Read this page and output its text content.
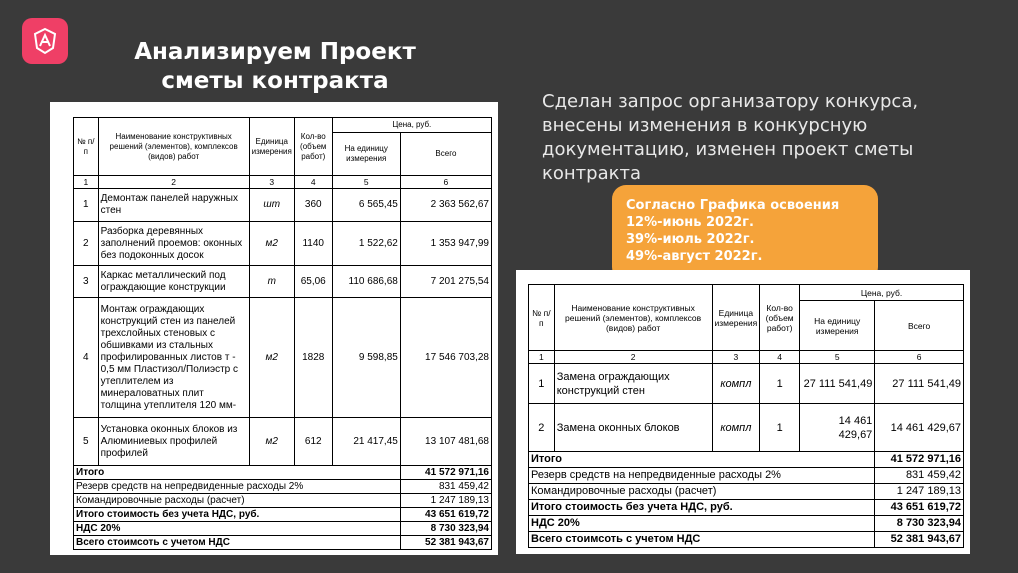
Анализируем Проект
сметы контракта
Сделан запрос организатору конкурса, внесены изменения в конкурсную документацию, изменен проект сметы контракта
Согласно Графика освоения
12%-июнь 2022г.
39%-июль 2022г.
49%-август 2022г.
№ п/п	Наименование конструктивных решений (элементов), комплексов (видов) работ	Единица измерения	Кол-во (объем работ)	Цена, руб.	
				На единицу измерения	Всего
1	2	3	4	5	6
1	Демонтаж панелей наружных стен	шт	360	6 565,45	2 363 562,67
2	Разборка деревянных заполнений проемов: оконных без подоконных досок	м2	1140	1 522,62	1 353 947,99
3	Каркас металлический под ограждающие конструкции	т	65,06	110 686,68	7 201 275,54
4	Монтаж ограждающих конструкций стен из панелей трехслойных стеновых с обшивками из стальных профилированных листов т - 0,5 мм Пластизол/Полиэстр с утеплителем из минераловатных плит толщина утеплителя 120 мм-	м2	1828	9 598,85	17 546 703,28
5	Установка оконных блоков из Алюминиевых профилей профилей	м2	612	21 417,45	13 107 481,68
Итого					41 572 971,16
Резерв средств на непредвиденные расходы 2%					831 459,42
Командировочные расходы (расчет)					1 247 189,13
Итого стоимость без учета НДС, руб.					43 651 619,72
НДС 20%					8 730 323,94
Всего стоимсоть с учетом НДС					52 381 943,67
№ п/п	Наименование конструктивных решений (элементов), комплексов (видов) работ	Единица измерения	Кол-во (объем работ)	Цена, руб.	
				На единицу измерения	Всего
1	2	3	4	5	6
1	Замена ограждающих конструкций стен	компл	1	27 111 541,49	27 111 541,49
2	Замена оконных блоков	компл	1	14 461 429,67	14 461 429,67
Итого					41 572 971,16
Резерв средств на непредвиденные расходы 2%					831 459,42
Командировочные расходы (расчет)					1 247 189,13
Итого стоимость без учета НДС, руб.					43 651 619,72
НДС 20%					8 730 323,94
Всего стоимсоть с учетом НДС					52 381 943,67
